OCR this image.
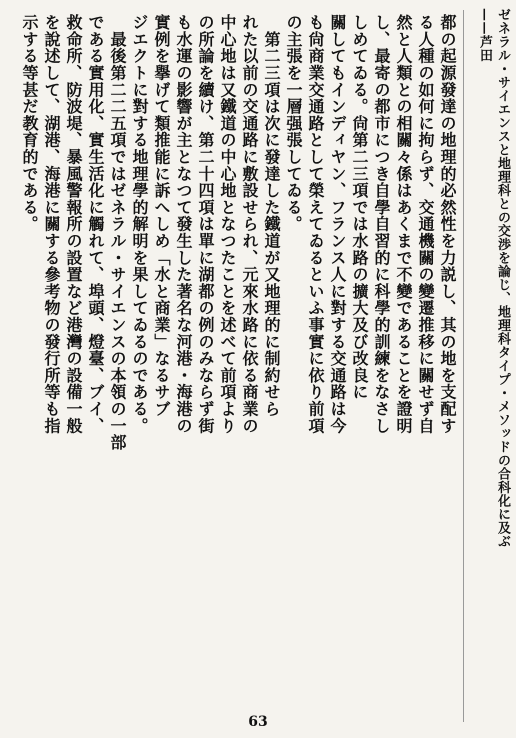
ゼネラル・サイエンスと地理科との交渉を論じ、地理科タイプ・メソッドの合科化に及ぶ
——芦田
都の起源發達の地理的必然性を力説し、其の地を支配す
る人種の如何に拘らず、交通機關の變遷推移に關せず自
然と人類との相關々係はあくまで不變であることを證明
し、最寄の都市につき自學自習的に科學的訓練をなさし
しめてゐる。尙第二三項では水路の擴大及び改良に
關してもインディヤン、フランス人に對する交通路は今
も尙商業交通路として榮えてゐるといふ事實に依り前項
の主張を一層强張してゐる。
　第二三項は次に發達した鐵道が又地理的に制約せら
れた以前の交通路に敷設せられ、元來水路に依る商業の
中心地は又鐵道の中心地となつたことを述べて前項より
の所論を續け、第二十四項は單に湖都の例のみならず街
も水運の影響が主となつて發生した著名な河港・海港の
實例を擧げて類推能に訴へしめ「水と商業」なるサブ
ジエクトに對する地理學的解明を果してゐるのである。
　最後第二二五項ではゼネラル・サイエンスの本領の一部
である實用化、實生活化に觸れて、埠頭、燈臺、ブイ、
救命所、防波堤、暴風警報所の設置など港灣の設備一般
を說述して、湖港、海港に關する參考物の發行所等も指
示する等甚だ教育的である。

63
